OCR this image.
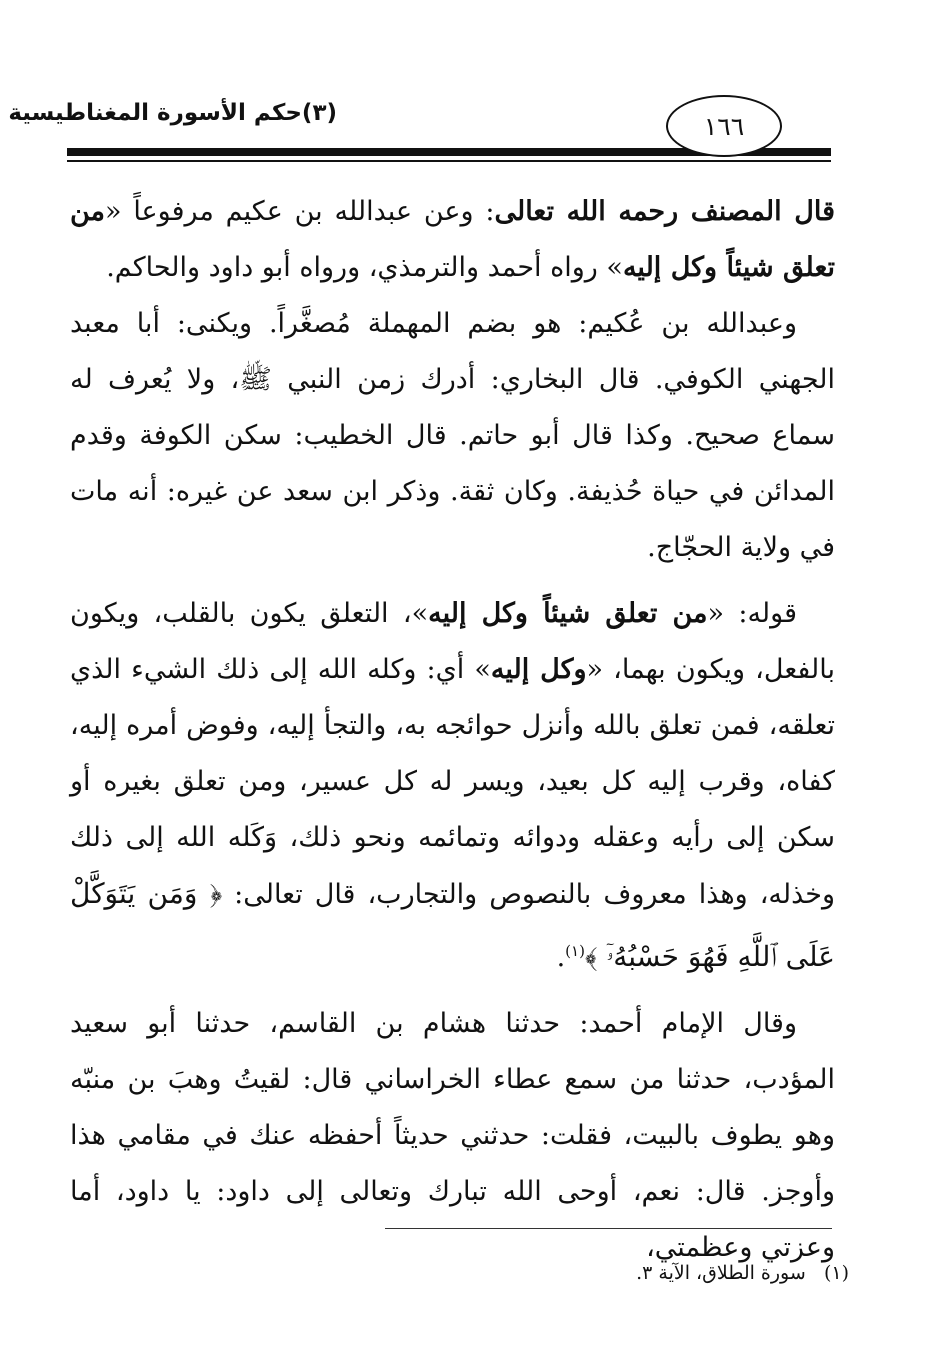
(٣)حكم الأسورة المغناطيسية	١٦٦

قال المصنف رحمه الله تعالى: وعن عبدالله بن عكيم مرفوعاً «من تعلق شيئاً وكل إليه» رواه أحمد والترمذي، ورواه أبو داود والحاكم.

وعبدالله بن عُكيم: هو بضم المهملة مُصغَّراً. ويكنى: أبا معبد الجهني الكوفي. قال البخاري: أدرك زمن النبي ﷺ، ولا يُعرف له سماع صحيح. وكذا قال أبو حاتم. قال الخطيب: سكن الكوفة وقدم المدائن في حياة حُذيفة. وكان ثقة. وذكر ابن سعد عن غيره: أنه مات في ولاية الحجّاج.

قوله: «من تعلق شيئاً وكل إليه»، التعلق يكون بالقلب، ويكون بالفعل، ويكون بهما، «وكل إليه» أي: وكله الله إلى ذلك الشيء الذي تعلقه، فمن تعلق بالله وأنزل حوائجه به، والتجأ إليه، وفوض أمره إليه، كفاه، وقرب إليه كل بعيد، ويسر له كل عسير، ومن تعلق بغيره أو سكن إلى رأيه وعقله ودوائه وتمائمه ونحو ذلك، وَكَله الله إلى ذلك وخذله، وهذا معروف بالنصوص والتجارب، قال تعالى: ﴿ وَمَن يَتَوَكَّلْ عَلَى ٱللَّهِ فَهُوَ حَسْبُهُۥٓ ﴾$^{(١)}$.

وقال الإمام أحمد: حدثنا هشام بن القاسم، حدثنا أبو سعيد المؤدب، حدثنا من سمع عطاء الخراساني قال: لقيتُ وهبَ بن منبّه وهو يطوف بالبيت، فقلت: حدثني حديثاً أحفظه عنك في مقامي هذا وأوجز. قال: نعم، أوحى الله تبارك وتعالى إلى داود: يا داود، أما وعزتي وعظمتي،

(١)   سورة الطلاق، الآية ٣.
